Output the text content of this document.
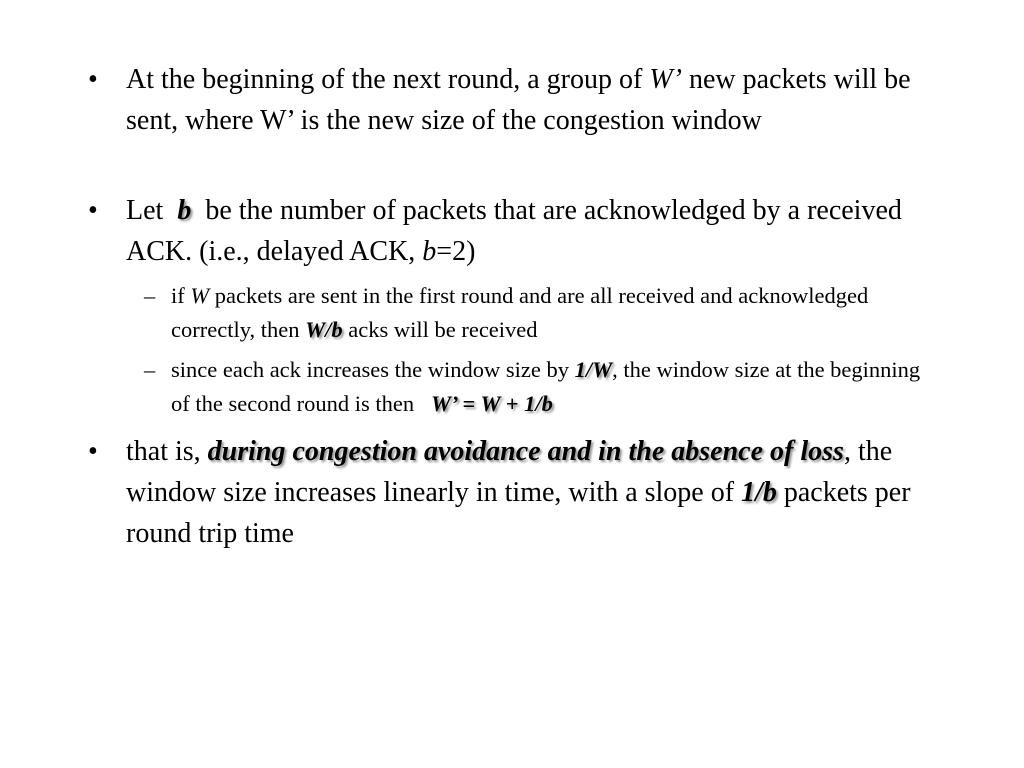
• At the beginning of the next round, a group of W’ new packets will be sent, where W’ is the new size of the congestion window
• Let  b  be the number of packets that are acknowledged by a received ACK. (i.e., delayed ACK, b=2)
– if W packets are sent in the first round and are all received and acknowledged correctly, then W/b acks will be received
– since each ack increases the window size by 1/W, the window size at the beginning of the second round is then   W’ = W + 1/b
• that is, during congestion avoidance and in the absence of loss, the window size increases linearly in time, with a slope of 1/b packets per round trip time
